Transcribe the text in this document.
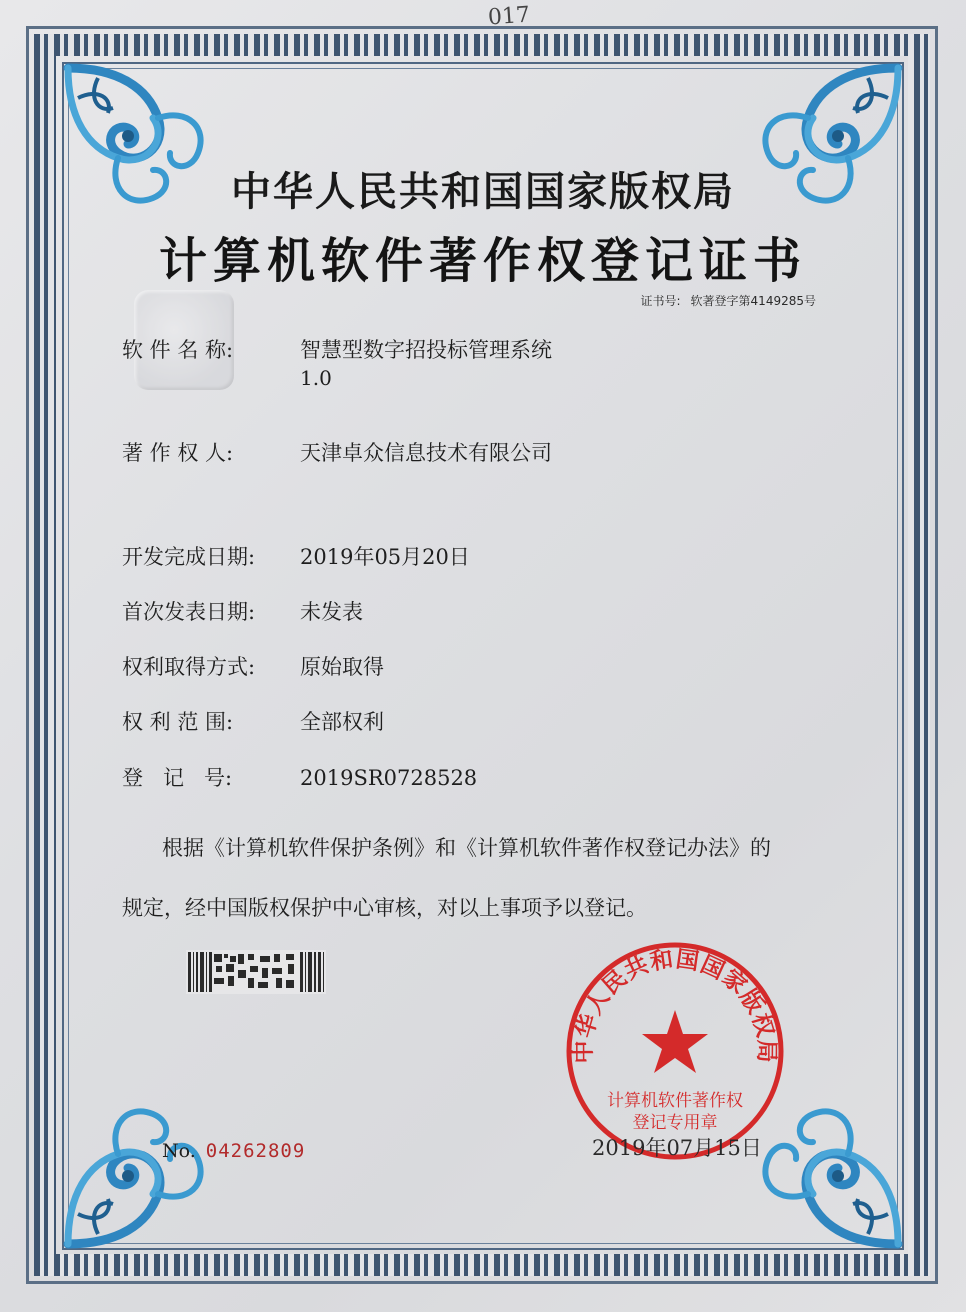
017
中华人民共和国国家版权局
计算机软件著作权登记证书
证书号: 软著登字第4149285号
软 件 名 称:	智慧型数字招投标管理系统
1.0
著 作 权 人:	天津卓众信息技术有限公司
开发完成日期: 2019年05月20日
首次发表日期: 未发表
权利取得方式: 原始取得
权 利 范 围:	全部权利
登   记   号:	2019SR0728528
根据《计算机软件保护条例》和《计算机软件著作权登记办法》的
规定，经中国版权保护中心审核，对以上事项予以登记。
中华人民共和国国家版权局
计算机软件著作权
登记专用章
2019年07月15日
No. 04262809
